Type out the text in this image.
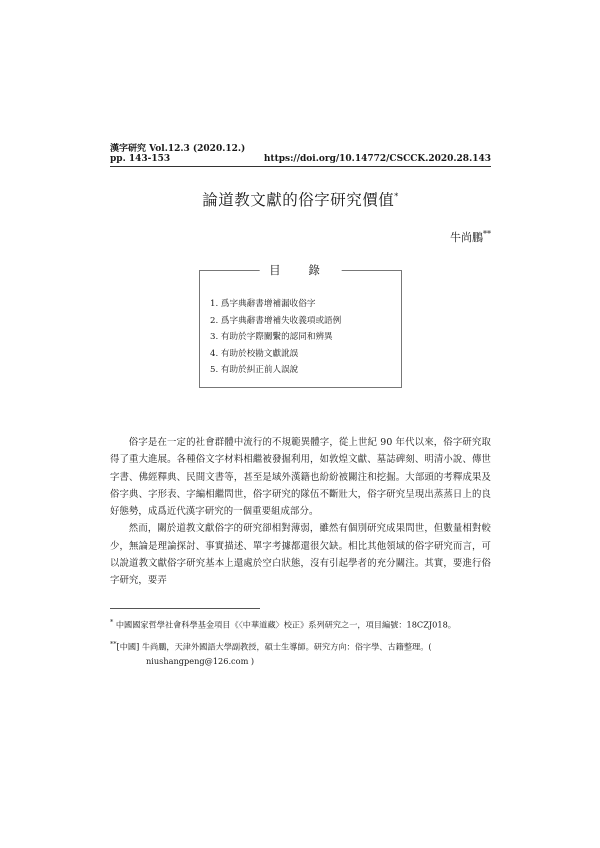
漢字研究 Vol.12.3 (2020.12.)
pp. 143-153	https://doi.org/10.14772/CSCCK.2020.28.143
論道教文獻的俗字研究價值*
牛尚鵬**
目 錄
1. 爲字典辭書增補漏收俗字
2. 爲字典辭書增補失收義項或語例
3. 有助於字際關繫的認同和辨異
4. 有助於校勘文獻訛誤
5. 有助於糾正前人誤說

俗字是在一定的社會群體中流行的不規範異體字，從上世紀 90 年代以來，俗字研究取得了重大進展。各種俗文字材料相繼被發掘利用，如敦煌文獻、墓誌碑刻、明清小說、傳世字書、佛經釋典、民間文書等，甚至是域外漢籍也紛紛被關注和挖掘。大部頭的考釋成果及俗字典、字形表、字編相繼問世，俗字研究的隊伍不斷壯大，俗字研究呈現出蒸蒸日上的良好態勢，成爲近代漢字研究的一個重要組成部分。

然而，關於道教文獻俗字的研究卻相對薄弱，雖然有個別研究成果問世，但數量相對較少，無論是理論探討、事實描述、單字考據都還很欠缺。相比其他領域的俗字研究而言，可以說道教文獻俗字研究基本上還處於空白狀態，沒有引起學者的充分關注。其實，要進行俗字研究，要弄

* 中國國家哲學社會科學基金項目《〈中華道藏〉校正》系列研究之一，項目編號：18CZJ018。
**[中國] 牛尚鵬，天津外國語大學副教授，碩士生導師。研究方向：俗字學、古籍整理。( niushangpeng@126.com )
